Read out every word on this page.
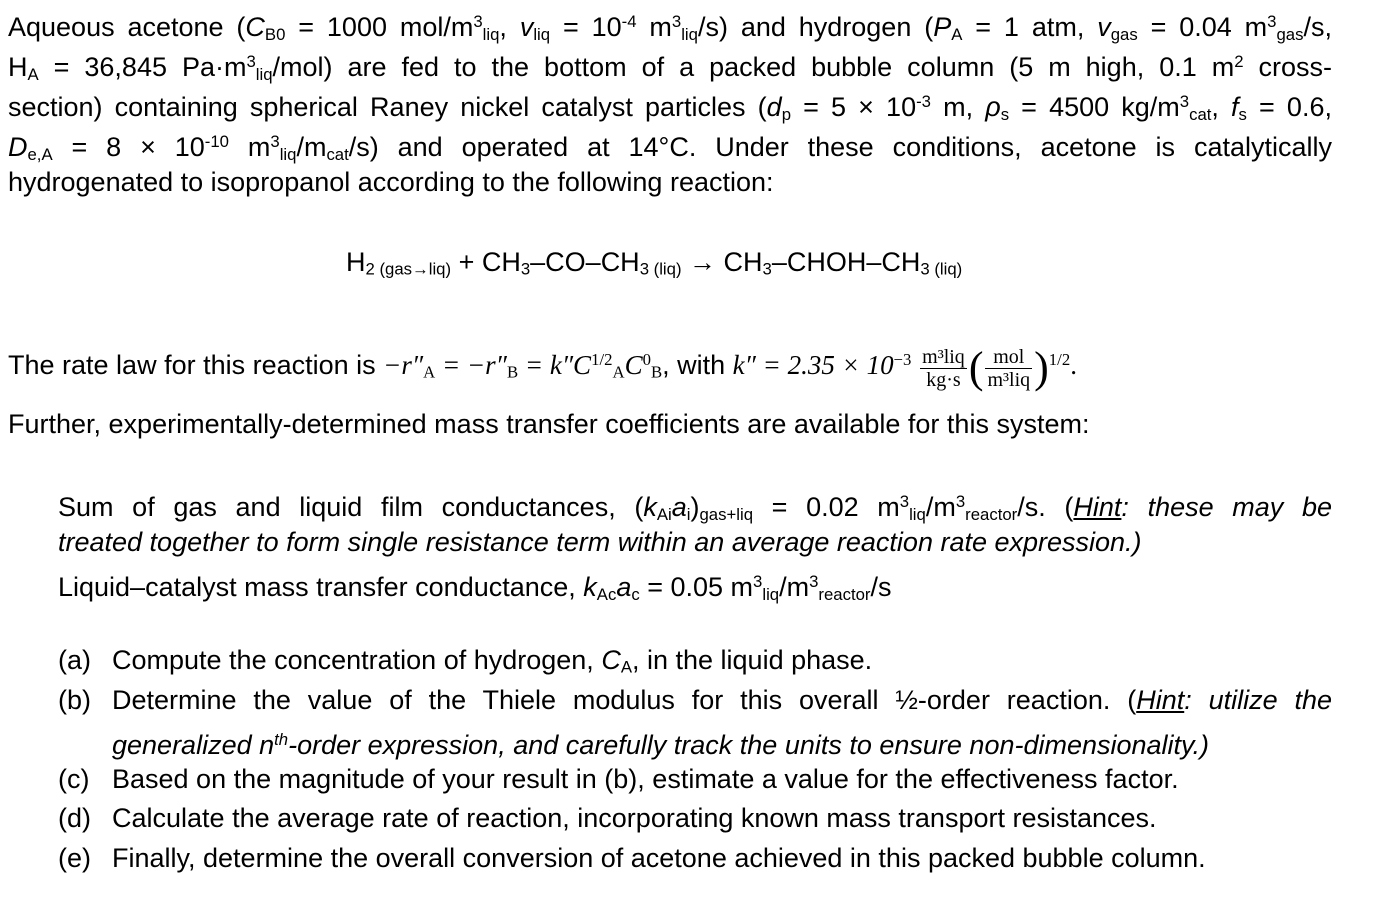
Aqueous acetone ($C_{B0} = 1000$ mol/$m^3_{liq}$, $v_{liq} = 10^{-4}$ $m^3_{liq}/s$) and hydrogen ($P_A = 1$ atm, $v_{gas} = 0.04$ $m^3_{gas}/s$,
$H_A = 36,845$ $Pa\cdot m^3_{liq}/mol$) are fed to the bottom of a packed bubble column (5 m high, 0.1 $m^2$ cross-
section) containing spherical Raney nickel catalyst particles ($d_p = 5 \times 10^{-3}$ m, $\rho_s = 4500$ $kg/m^3_{cat}$, $f_s = 0.6$,
$D_{e,A} = 8 \times 10^{-10}$ $m^3_{liq}/m_{cat}/s$) and operated at 14°C. Under these conditions, acetone is catalytically
hydrogenated to isopropanol according to the following reaction:
$H_{2 (gas\to liq)} + CH_3-CO-CH_{3 (liq)}$ → $CH_3-CHOH-CH_{3 (liq)}$
The rate law for this reaction is $-r''_A = -r''_B = k''C^{1/2}_AC^0_B$, with $k'' = 2.35 \times 10^{-3} \frac{\text{m³liq}}{kg\cdot s}$ ( $\frac{\text{mol}}{\text{m³liq}} )^{1/2}$.
Further, experimentally-determined mass transfer coefficients are available for this system:
Sum of gas and liquid film conductances, $(k_{Ai}a_i)_{gas+liq} = 0.02$ $m^3_{liq}/m^3_{reactor}/s$. (Hint: these may be
treated together to form single resistance term within an average reaction rate expression.)
Liquid–catalyst mass transfer conductance, $k_{Ac}a_c = 0.05$ $m^3_{liq}/m^3_{reactor}/s$
(a) Compute the concentration of hydrogen, $C_A$, in the liquid phase.
(b) Determine the value of the Thiele modulus for this overall ½-order reaction. (Hint: utilize the
generalized $n^{th}$-order expression, and carefully track the units to ensure non-dimensionality.)
(c) Based on the magnitude of your result in (b), estimate a value for the effectiveness factor.
(d) Calculate the average rate of reaction, incorporating known mass transport resistances.
(e) Finally, determine the overall conversion of acetone achieved in this packed bubble column.
